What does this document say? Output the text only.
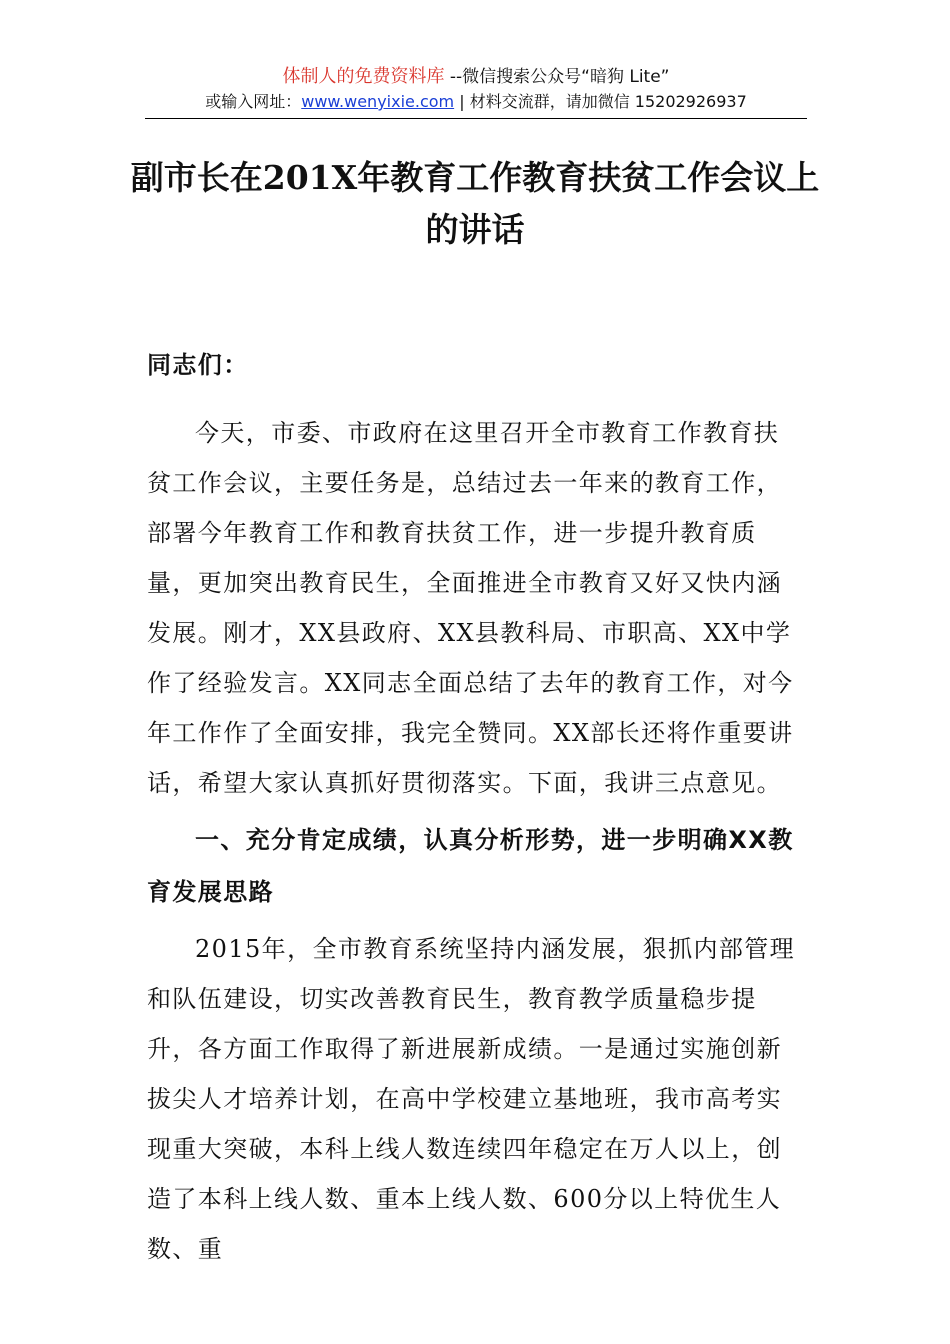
体制人的免费资料库 --微信搜索公众号“暗狗 Lite”
或输入网址：www.wenyixie.com | 材料交流群，请加微信 15202926937
副市长在201X年教育工作教育扶贫工作会议上的讲话

同志们：

今天，市委、市政府在这里召开全市教育工作教育扶贫工作会议，主要任务是，总结过去一年来的教育工作，部署今年教育工作和教育扶贫工作，进一步提升教育质量，更加突出教育民生，全面推进全市教育又好又快内涵发展。刚才，XX县政府、XX县教科局、市职高、XX中学作了经验发言。XX同志全面总结了去年的教育工作，对今年工作作了全面安排，我完全赞同。XX部长还将作重要讲话，希望大家认真抓好贯彻落实。下面，我讲三点意见。

一、充分肯定成绩，认真分析形势，进一步明确XX教育发展思路

2015年，全市教育系统坚持内涵发展，狠抓内部管理和队伍建设，切实改善教育民生，教育教学质量稳步提升，各方面工作取得了新进展新成绩。一是通过实施创新拔尖人才培养计划，在高中学校建立基地班，我市高考实现重大突破，本科上线人数连续四年稳定在万人以上，创造了本科上线人数、重本上线人数、600分以上特优生人数、重
